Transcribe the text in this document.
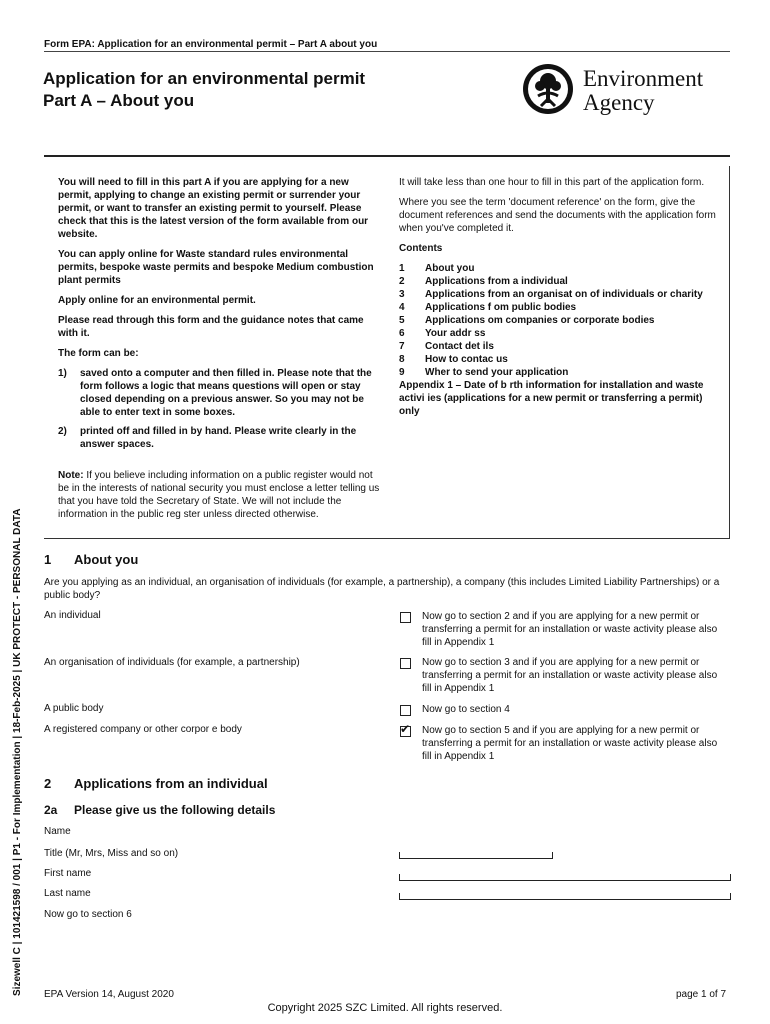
Form EPA: Application for an environmental permit – Part A about you
Application for an environmental permit
Part A – About you
Environment
Agency

You will need to fill in this part A if you are applying for a new permit, applying to change an existing permit or surrender your permit, or want to transfer an existing permit to yourself. Please check that this is the latest version of the form available from our website.

You can apply online for Waste standard rules environmental permits, bespoke waste permits and bespoke Medium combustion plant permits

Apply online for an environmental permit.

Please read through this form and the guidance notes that came with it.

The form can be:

1)	saved onto a computer and then filled in. Please note that the form follows a logic that means questions will open or stay closed depending on a previous answer. So you may not be able to enter text in some boxes.
2)	printed off and filled in by hand. Please write clearly in the answer spaces.
Note: If you believe including information on a public register would not be in the interests of national security you must enclose a letter telling us that you have told the Secretary of State. We will not include the information in the public reg ster unless directed otherwise.

It will take less than one hour to fill in this part of the application form.

Where you see the term 'document reference' on the form, give the document references and send the documents with the application form when you've completed it.

Contents

1	About you
2	Applications from a individual
3	Applications from an organisat on of individuals or charity
4	Applications f om public bodies
5	Applications om companies or corporate bodies
6	Your addr ss
7	Contact det ils
8	How to contac us
9	Wher to send your application
Appendix 1 – Date of b rth information for installation and waste activi ies (applications for a new permit or transferring a permit) only
Sizewell C | 101421598 / 001 | P1 - For Implementation | 18-Feb-2025 | UK PROTECT - PERSONAL DATA 1 About you
Are you applying as an individual, an organisation of individuals (for example, a partnership), a company (this includes Limited Liability Partnerships) or a public body?
An individual	Now go to section 2 and if you are applying for a new permit or transferring a permit for an installation or waste activity please also fill in Appendix 1
An organisation of individuals (for example, a partnership)	Now go to section 3 and if you are applying for a new permit or transferring a permit for an installation or waste activity please also fill in Appendix 1
A public body	Now go to section 4
A registered company or other corpor e body
✔	Now go to section 5 and if you are applying for a new permit or transferring a permit for an installation or waste activity please also fill in Appendix 1
2 Applications from an individual
2a Please give us the following details
Name
Title (Mr, Mrs, Miss and so on)
First name
Last name
Now go to section 6
EPA Version 14, August 2020	page 1 of 7
Copyright 2025 SZC Limited. All rights reserved.
